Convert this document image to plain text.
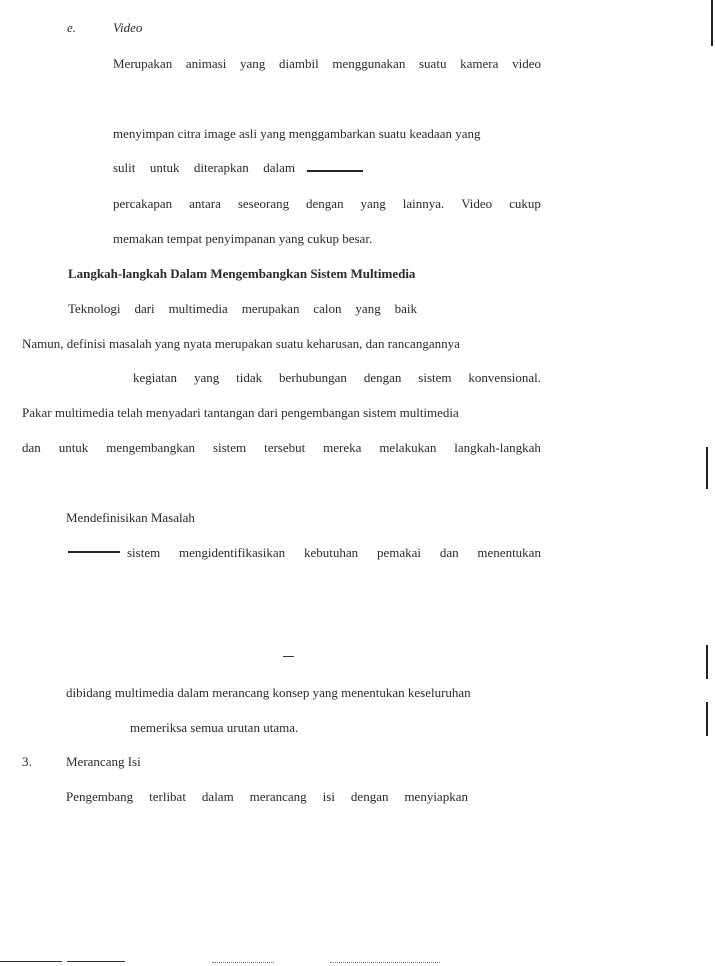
e.	Video
Merupakan animasi yang diambil menggunakan suatu kamera video
menyimpan citra image asli yang menggambarkan suatu keadaan yang
sulit untuk diterapkan dalam
percakapan antara seseorang dengan yang lainnya. Video cukup
memakan tempat penyimpanan yang cukup besar.
Langkah-langkah Dalam Mengembangkan Sistem Multimedia
Teknologi dari multimedia merupakan calon yang baik
Namun, definisi masalah yang nyata merupakan suatu keharusan, dan rancangannya
kegiatan yang tidak berhubungan dengan sistem konvensional.
Pakar multimedia telah menyadari tantangan dari pengembangan sistem multimedia
dan untuk mengembangkan sistem tersebut mereka melakukan langkah-langkah
Mendefinisikan Masalah
sistem mengidentifikasikan kebutuhan pemakai dan menentukan
dibidang multimedia dalam merancang konsep yang menentukan keseluruhan
memeriksa semua urutan utama.
3.	Merancang Isi
Pengembang terlibat dalam merancang isi dengan menyiapkan
